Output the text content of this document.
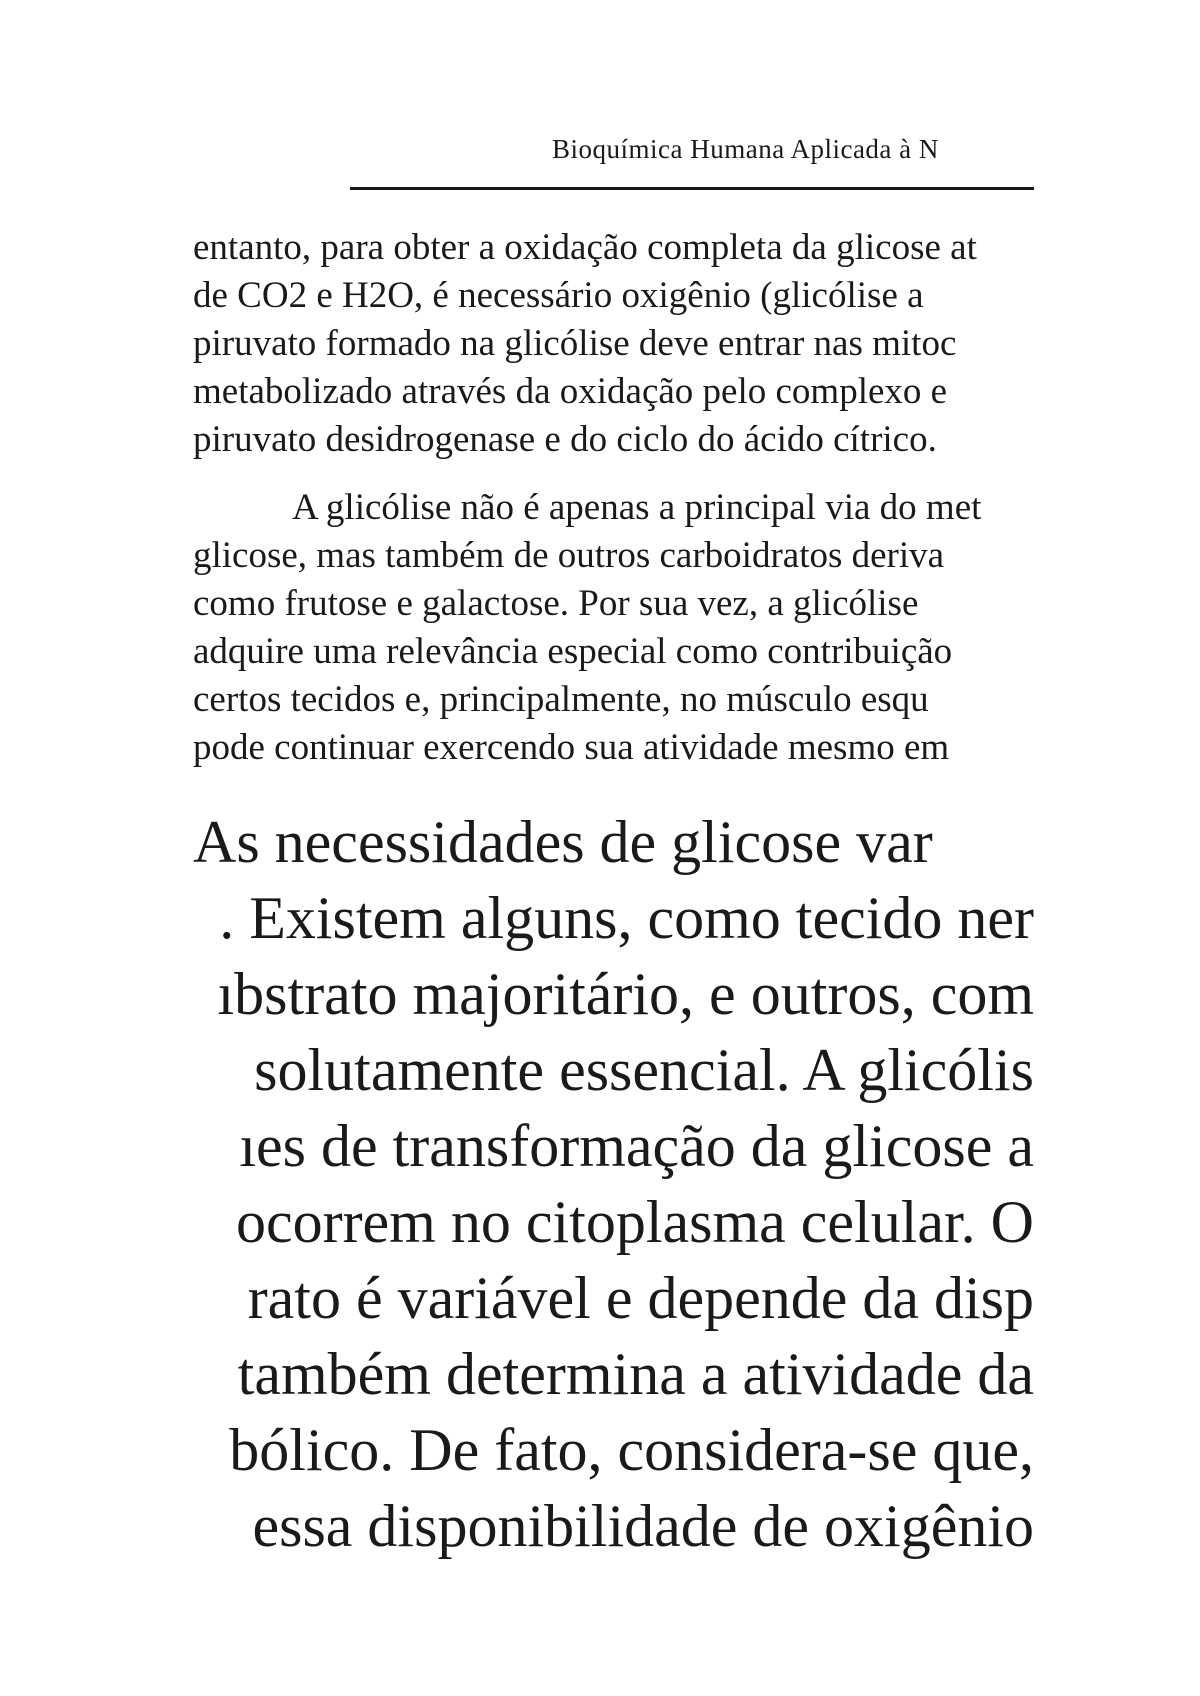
Bioquímica Humana Aplicada à N
entanto, para obter a oxidação completa da glicose at
de CO2 e H2O, é necessário oxigênio (glicólise a
piruvato formado na glicólise deve entrar nas mitoc
metabolizado através da oxidação pelo complexo e
piruvato desidrogenase e do ciclo do ácido cítrico.
A glicólise não é apenas a principal via do met
glicose, mas também de outros carboidratos deriva
como frutose e galactose. Por sua vez, a glicólise
adquire uma relevância especial como contribuição
certos tecidos e, principalmente, no músculo esqu
pode continuar exercendo sua atividade mesmo em
As necessidades de glicose var
. Existem alguns, como tecido ner
ıbstrato majoritário, e outros, com
solutamente essencial. A glicólis
ıes de transformação da glicose a
ocorrem no citoplasma celular. O
rato é variável e depende da disp
também determina a atividade da
bólico. De fato, considera-se que,
essa disponibilidade de oxigênio
